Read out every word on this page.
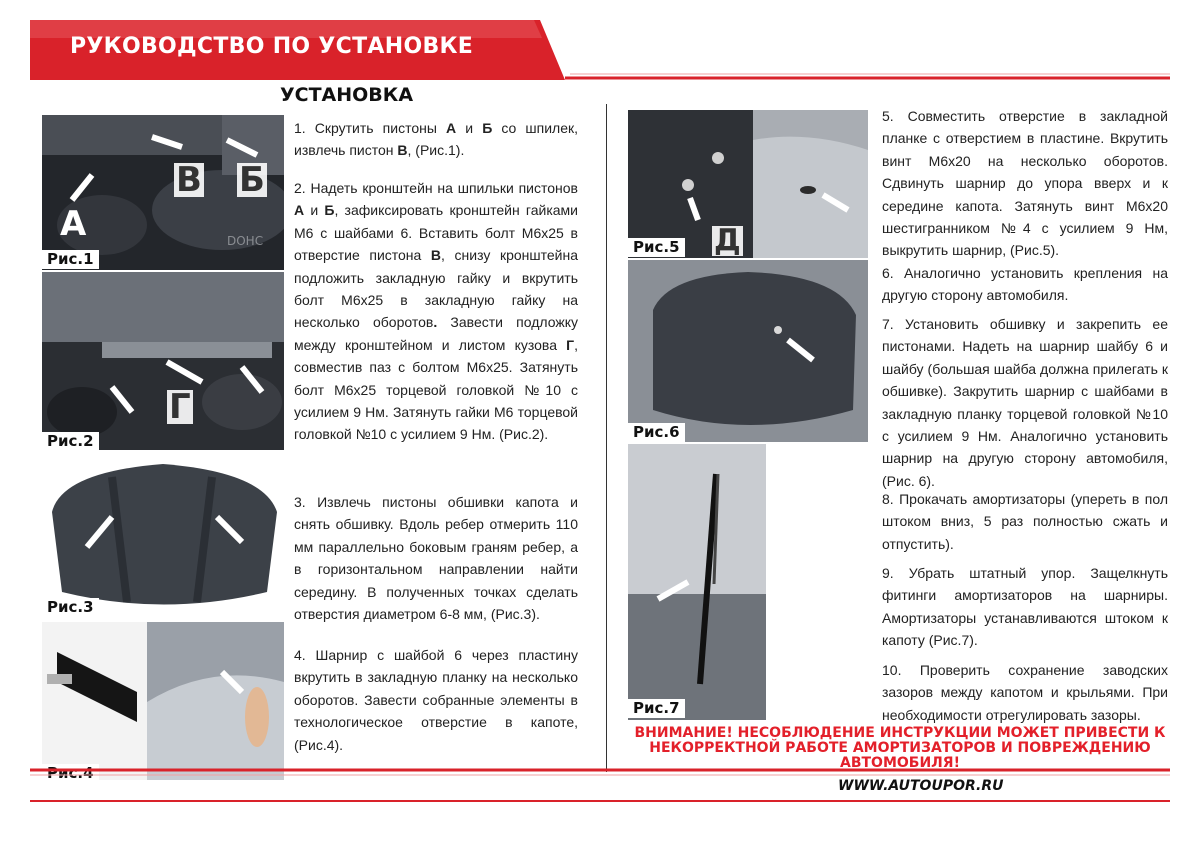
РУКОВОДСТВО ПО УСТАНОВКЕ
УСТАНОВКА
DOHC
А
В Б
Рис.1
Г
Рис.2
Рис.3
Рис.4
1. Скрутить пистоны А и Б со шпилек, извлечь пистон В, (Рис.1).
2. Надеть кронштейн на шпильки пистонов А и Б, зафиксировать кронштейн гайками М6 с шайбами 6. Вставить болт М6х25 в отверстие пистона В, снизу кронштейна подложить закладную гайку и вкрутить болт М6х25 в закладную гайку на несколько оборотов. Завести подложку между кронштейном и листом кузова Г, совместив паз с болтом М6х25. Затянуть болт М6х25 торцевой головкой №10 с усилием 9 Нм. Затянуть гайки М6 торцевой головкой №10 с усилием 9 Нм. (Рис.2).
3. Извлечь пистоны обшивки капота и снять обшивку. Вдоль ребер отмерить 110 мм параллельно боковым граням ребер, а в горизонтальном направлении найти середину. В полученных точках сделать отверстия диаметром 6-8 мм, (Рис.3).
4. Шарнир с шайбой 6 через пластину вкрутить в закладную планку на несколько оборотов. Завести собранные элементы в технологическое отверстие в капоте, (Рис.4).
Д
Рис.5
Рис.6
Рис.7
5. Совместить отверстие в закладной планке с отверстием в пластине. Вкрутить винт М6х20 на несколько оборотов. Сдвинуть шарнир до упора вверх и к середине капота. Затянуть винт М6х20 шестигранником №4 с усилием 9 Нм, выкрутить шарнир, (Рис.5).
6. Аналогично установить крепления на другую сторону автомобиля.
7. Установить обшивку и закрепить ее пистонами. Надеть на шарнир шайбу 6 и шайбу (большая шайба должна прилегать к обшивке). Закрутить шарнир с шайбами в закладную планку торцевой головкой №10 с усилием 9 Нм. Аналогично установить шарнир на другую сторону автомобиля, (Рис. 6).
8. Прокачать амортизаторы (упереть в пол штоком вниз, 5 раз полностью сжать и отпустить).
9. Убрать штатный упор. Защелкнуть фитинги амортизаторов на шарниры. Амортизаторы устанавливаются штоком к капоту (Рис.7).
10. Проверить сохранение заводских зазоров между капотом и крыльями. При необходимости отрегулировать зазоры.
ВНИМАНИЕ! НЕСОБЛЮДЕНИЕ ИНСТРУКЦИИ МОЖЕТ ПРИВЕСТИ К НЕКОРРЕКТНОЙ РАБОТЕ АМОРТИЗАТОРОВ И ПОВРЕЖДЕНИЮ АВТОМОБИЛЯ!
WWW.AUTOUPOR.RU
